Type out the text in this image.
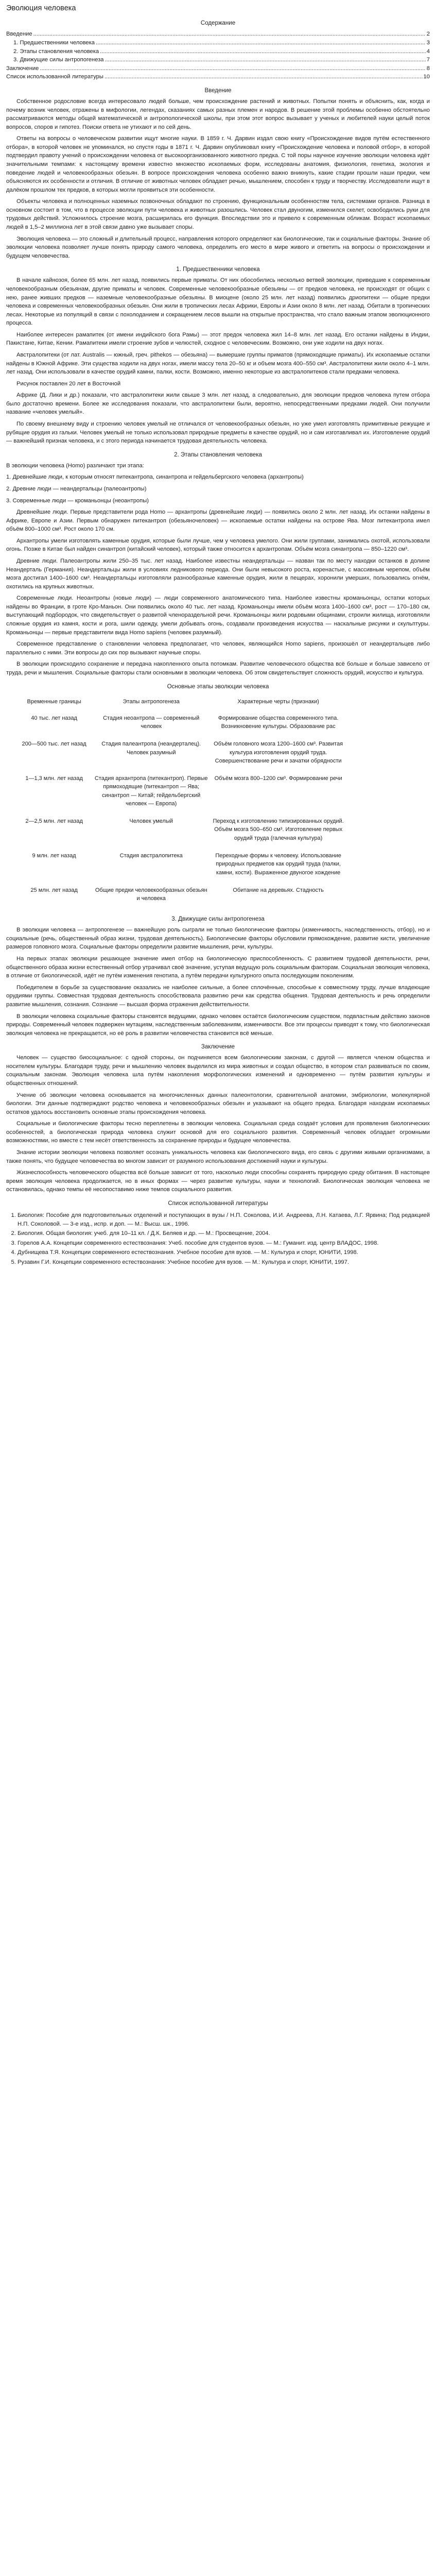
Эволюция человека
Содержание
Введение .....	2
1. Предшественники человека .....	3
2. Этапы становления человека .....	4
3. Движущие силы антропогенеза .....	7
Заключение .....	8
Список использованной литературы .....	10
Введение

Собственное родословие всегда интересовало людей больше, чем происхождение растений и животных. Попытки понять и объяснить, как, когда и почему возник человек, отражены в мифологии, легендах, сказаниях самых разных племен и народов. В решение этой проблемы особенно обстоятельно рассматриваются методы общей математической и антропологической школы, при этом этот вопрос вызывает у ученых и любителей науки целый поток вопросов, споров и гипотез. Поиски ответа не утихают и по сей день.

Ответы на вопросы о человеческом развитии ищут многие науки. В 1859 г. Ч. Дарвин издал свою книгу «Происхождение видов путём естественного отбора», в которой человек не упоминался, но спустя годы в 1871 г. Ч. Дарвин опубликовал книгу «Происхождение человека и половой отбор», в которой подтвердил правоту учений о происхождении человека от высокоорганизованного животного предка. С той поры научное изучение эволюции человека идёт значительными темпами: к настоящему времени известно множество ископаемых форм, исследованы анатомия, физиология, генетика, экология и поведение людей и человекообразных обезьян. В вопросе происхождения человека особенно важно вникнуть, какие стадии прошли наши предки, чем объясняются их особенности и отличия. В отличие от животных человек обладает речью, мышлением, способен к труду и творчеству. Исследователи ищут в далёком прошлом тех предков, в которых могли проявиться эти особенности.

Объекты человека и полноценных наземных позвоночных обладают по строению, функциональным особенностям тела, системами органов. Разница в основном состоит в том, что в процессе эволюции пути человека и животных разошлись. Человек стал двуногим, изменился скелет, освободились руки для трудовых действий. Усложнилось строение мозга, расширилась его функция. Впоследствии это и привело к современным обликам. Возраст ископаемых людей в 1,5–2 миллиона лет в этой связи давно уже вызывает споры.

Эволюция человека — это сложный и длительный процесс, направления которого определяют как биологические, так и социальные факторы. Знание об эволюции человека позволяет лучше понять природу самого человека, определить его место в мире живого и ответить на вопросы о происхождении и будущем человечества.

1. Предшественники человека

В начале кайнозоя, более 65 млн. лет назад, появились первые приматы. От них обособились несколько ветвей эволюции, приведшие к современным человекообразным обезьянам, другие приматы и человек. Современные человекообразные обезьяны — от предков человека, не происходят от общих с нею, ранее живших предков — наземные человекообразные обезьяны. В миоцене (около 25 млн. лет назад) появились дриопитеки — общие предки человека и современных человекообразных обезьян. Они жили в тропических лесах Африки, Европы и Азии около 8 млн. лет назад. Обитали в тропических лесах. Некоторые из популяций в связи с похолоданием и сокращением лесов вышли на открытые пространства, что стало важным этапом эволюционного процесса.

Наиболее интересен рамапитек (от имени индийского бога Рамы) — этот предок человека жил 14–8 млн. лет назад. Его останки найдены в Индии, Пакистане, Китае, Кении. Рамапитеки имели строение зубов и челюстей, сходное с человеческим. Возможно, они уже ходили на двух ногах.

Австралопитеки (от лат. Australis — южный, греч. pithekos — обезьяна) — вымершие группы приматов (прямоходящие приматы). Их ископаемые остатки найдены в Южной Африке. Эти существа ходили на двух ногах, имели массу тела 20–50 кг и объем мозга 400–550 см³. Австралопитеки жили около 4–1 млн. лет назад. Они использовали в качестве орудий камни, палки, кости. Возможно, именно некоторые из австралопитеков стали предками человека.

Рисунок поставлен 20 лет в Восточной

Африке (Д. Лики и др.) показали, что австралопитеки жили свыше 3 млн. лет назад, а следовательно, для эволюции предков человека путем отбора было достаточно времени. Более же исследования показали, что австралопитеки были, вероятно, непосредственными предками людей. Они получили название «человек умелый».

По своему внешнему виду и строению человек умелый не отличался от человекообразных обезьян, но уже умел изготовлять примитивные режущие и рубящие орудия из гальки. Человек умелый не только использовал природные предметы в качестве орудий, но и сам изготавливал их. Изготовление орудий — важнейший признак человека, и с этого периода начинается трудовая деятельность человека.

2. Этапы становления человека

В эволюции человека (Homo) различают три этапа:

1. Древнейшие люди, к которым относят питекантропа, синантропа и гейдельбергского человека (архантропы)

2. Древние люди — неандертальцы (палеоантропы)

3. Современные люди — кроманьонцы (неоантропы)

Древнейшие люди. Первые представители рода Homo — архантропы (древнейшие люди) — появились около 2 млн. лет назад. Их останки найдены в Африке, Европе и Азии. Первым обнаружен питекантроп (обезьяночеловек) — ископаемые остатки найдены на острове Ява. Мозг питекантропа имел объём 800–1000 см³. Рост около 170 см.

Архантропы умели изготовлять каменные орудия, которые были лучше, чем у человека умелого. Они жили группами, занимались охотой, использовали огонь. Позже в Китае был найден синантроп (китайский человек), который также относится к архантропам. Объём мозга синантропа — 850–1220 см³.

Древние люди. Палеоантропы жили 250–35 тыс. лет назад. Наиболее известны неандертальцы — назван так по месту находки останков в долине Неандерталь (Германия). Неандертальцы жили в условиях ледникового периода. Они были невысокого роста, коренастые, с массивным черепом, объём мозга достигал 1400–1600 см³. Неандертальцы изготовляли разнообразные каменные орудия, жили в пещерах, хоронили умерших, пользовались огнём, охотились на крупных животных.

Современные люди. Неоантропы (новые люди) — люди современного анатомического типа. Наиболее известны кроманьонцы, остатки которых найдены во Франции, в гроте Кро-Маньон. Они появились около 40 тыс. лет назад. Кроманьонцы имели объём мозга 1400–1600 см³, рост — 170–180 см, выступающий подбородок, что свидетельствует о развитой членораздельной речи. Кроманьонцы жили родовыми общинами, строили жилища, изготовляли сложные орудия из камня, кости и рога, шили одежду, умели добывать огонь, создавали произведения искусства — наскальные рисунки и скульптуры. Кроманьонцы — первые представители вида Homo sapiens (человек разумный).

Современное представление о становлении человека предполагает, что человек, являющийся Homo sapiens, произошёл от неандертальцев либо параллельно с ними. Эти вопросы до сих пор вызывают научные споры.

В эволюции происходило сохранение и передача накопленного опыта потомкам. Развитие человеческого общества всё больше и больше зависело от труда, речи и мышления. Социальные факторы стали основными в эволюции человека. Об этом свидетельствует сложность орудий, искусство и культура.

Основные этапы эволюции человека
Временные границы	Этапы антропогенеза	Характерные черты (признаки)
40 тыс. лет назад	Стадия неоантропа — современный человек	Формирование общества современного типа. Возникновение культуры. Образование рас
200—500 тыс. лет назад	Стадия палеантропа (неандерталец). Человек разумный	Объём головного мозга 1200–1600 см³. Развитая культура изготовления орудий труда. Совершенствование речи и зачатки обрядности
1—1,3 млн. лет назад	Стадия архантропа (питекантроп). Первые прямоходящие (питекантроп — Ява; синантроп — Китай; гейдельбергский человек — Европа)	Объём мозга 800–1200 см³. Формирование речи
2—2,5 млн. лет назад	Человек умелый	Переход к изготовлению типизированных орудий. Объём мозга 500–650 см³. Изготовление первых орудий труда (галечная культура)
9 млн. лет назад	Стадия австралопитека	Переходные формы к человеку. Использование природных предметов как орудий труда (палки, камни, кости). Выраженное двуногое хождение
25 млн. лет назад	Общие предки человекообразных обезьян и человека	Обитание на деревьях. Стадность
3. Движущие силы антропогенеза

В эволюции человека — антропогенезе — важнейшую роль сыграли не только биологические факторы (изменчивость, наследственность, отбор), но и социальные (речь, общественный образ жизни, трудовая деятельность). Биологические факторы обусловили прямохождение, развитие кисти, увеличение размеров головного мозга. Социальные факторы определили развитие мышления, речи, культуры.

На первых этапах эволюции решающее значение имел отбор на биологическую приспособленность. С развитием трудовой деятельности, речи, общественного образа жизни естественный отбор утрачивал своё значение, уступая ведущую роль социальным факторам. Социальная эволюция человека, в отличие от биологической, идёт не путём изменения генотипа, а путём передачи культурного опыта последующим поколениям.

Победителем в борьбе за существование оказались не наиболее сильные, а более сплочённые, способные к совместному труду, лучше владеющие орудиями группы. Совместная трудовая деятельность способствовала развитию речи как средства общения. Трудовая деятельность и речь определили развитие мышления, сознания. Сознание — высшая форма отражения действительности.

В эволюции человека социальные факторы становятся ведущими, однако человек остаётся биологическим существом, подвластным действию законов природы. Современный человек подвержен мутациям, наследственным заболеваниям, изменчивости. Все эти процессы приводят к тому, что биологическая эволюция человека не прекращается, но её роль в развитии человечества становится всё меньше.

Заключение

Человек — существо биосоциальное: с одной стороны, он подчиняется всем биологическим законам, с другой — является членом общества и носителем культуры. Благодаря труду, речи и мышлению человек выделился из мира животных и создал общество, в котором стал развиваться по своим, социальным законам. Эволюция человека шла путём накопления морфологических изменений и одновременно — путём развития культуры и общественных отношений.

Учение об эволюции человека основывается на многочисленных данных палеонтологии, сравнительной анатомии, эмбриологии, молекулярной биологии. Эти данные подтверждают родство человека и человекообразных обезьян и указывают на общего предка. Благодаря находкам ископаемых остатков удалось восстановить основные этапы происхождения человека.

Социальные и биологические факторы тесно переплетены в эволюции человека. Социальная среда создаёт условия для проявления биологических особенностей, а биологическая природа человека служит основой для его социального развития. Современный человек обладает огромными возможностями, но вместе с тем несёт ответственность за сохранение природы и будущее человечества.

Знание истории эволюции человека позволяет осознать уникальность человека как биологического вида, его связь с другими живыми организмами, а также понять, что будущее человечества во многом зависит от разумного использования достижений науки и культуры.

Жизнеспособность человеческого общества всё больше зависит от того, насколько люди способны сохранять природную среду обитания. В настоящее время эволюция человека продолжается, но в иных формах — через развитие культуры, науки и технологий. Биологическая эволюция человека не остановилась, однако темпы её несопоставимо ниже темпов социального развития.

Список использованной литературы
1. Биология: Пособие для подготовительных отделений и поступающих в вузы / Н.П. Соколова, И.И. Андреева, Л.Н. Катаева, Л.Г. Ярвина; Под редакцией Н.П. Соколовой. — 3-е изд., испр. и доп. — М.: Высш. шк., 1996.
2. Биология. Общая биология: учеб. для 10–11 кл. / Д.К. Беляев и др. — М.: Просвещение, 2004.
3. Горелов А.А. Концепции современного естествознания: Учеб. пособие для студентов вузов. — М.: Гуманит. изд. центр ВЛАДОС, 1998.
4. Дубнищева Т.Я. Концепции современного естествознания. Учебное пособие для вузов. — М.: Культура и спорт, ЮНИТИ, 1998.
5. Рузавин Г.И. Концепции современного естествознания: Учебное пособие для вузов. — М.: Культура и спорт, ЮНИТИ, 1997.
